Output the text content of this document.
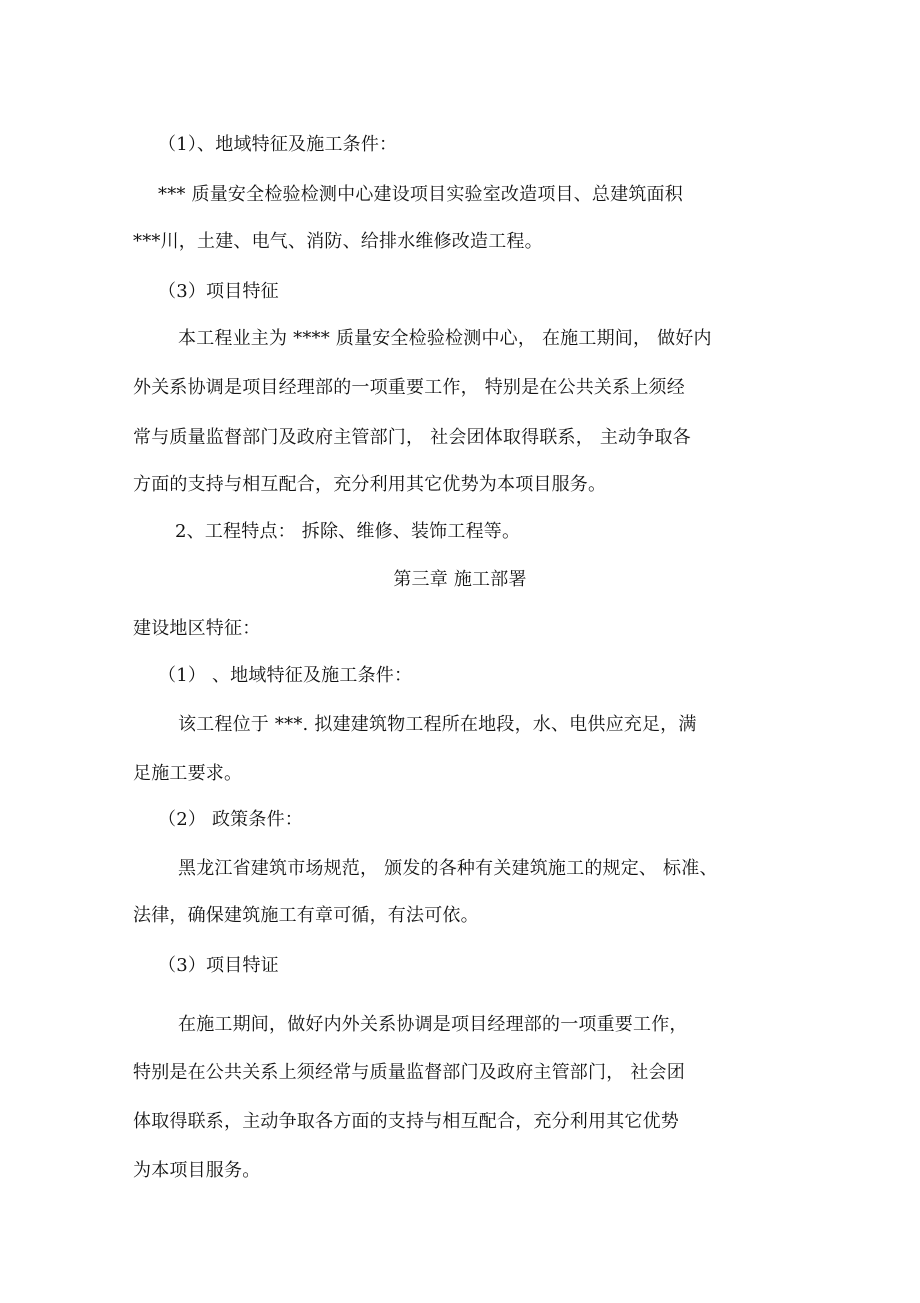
（1）、地域特征及施工条件：
*** 质量安全检验检测中心建设项目实验室改造项目、总建筑面积
***川，土建、电气、消防、给排水维修改造工程。
（3）项目特征
本工程业主为 **** 质量安全检验检测中心， 在施工期间， 做好内
外关系协调是项目经理部的一项重要工作， 特别是在公共关系上须经
常与质量监督部门及政府主管部门， 社会团体取得联系， 主动争取各
方面的支持与相互配合，充分利用其它优势为本项目服务。
2、工程特点： 拆除、维修、装饰工程等。
第三章 施工部署
建设地区特征：
（1） 、地域特征及施工条件：
该工程位于 ***. 拟建建筑物工程所在地段，水、电供应充足，满
足施工要求。
（2） 政策条件：
黑龙江省建筑市场规范， 颁发的各种有关建筑施工的规定、 标准、
法律，确保建筑施工有章可循，有法可依。
（3）项目特证
在施工期间，做好内外关系协调是项目经理部的一项重要工作，
特别是在公共关系上须经常与质量监督部门及政府主管部门， 社会团
体取得联系，主动争取各方面的支持与相互配合，充分利用其它优势
为本项目服务。
